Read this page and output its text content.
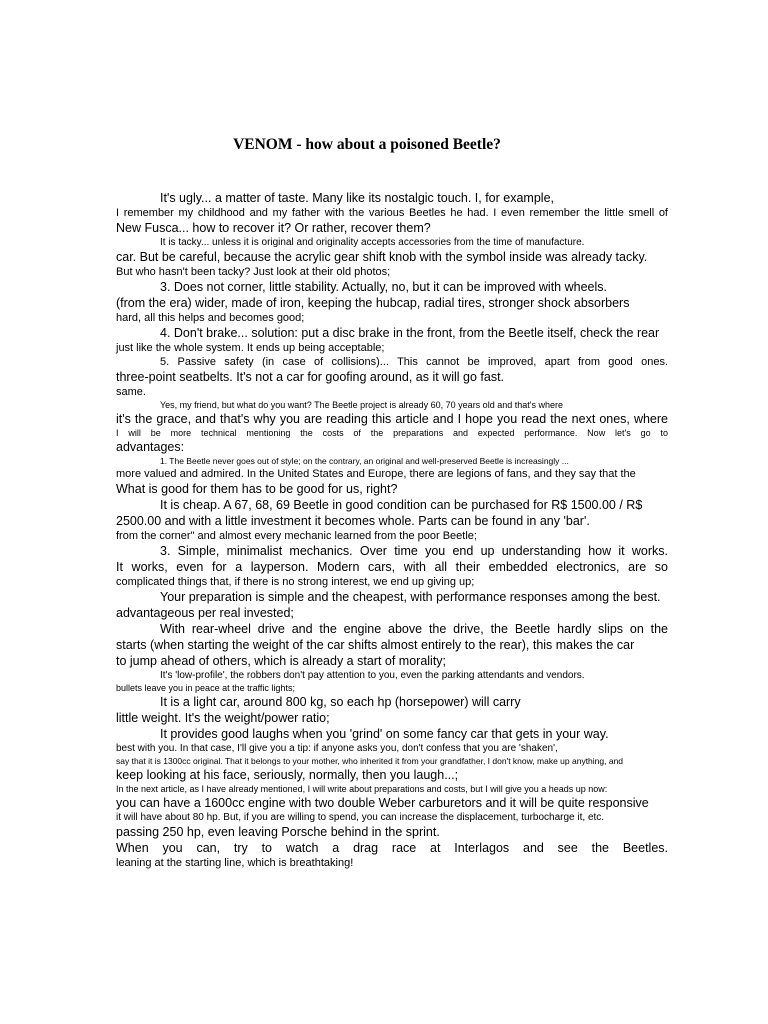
VENOM - how about a poisoned Beetle?
It's ugly... a matter of taste. Many like its nostalgic touch. I, for example,
I remember my childhood and my father with the various Beetles he had. I even remember the little smell of
New Fusca... how to recover it? Or rather, recover them?
It is tacky... unless it is original and originality accepts accessories from the time of manufacture.
car. But be careful, because the acrylic gear shift knob with the symbol inside was already tacky.
But who hasn't been tacky? Just look at their old photos;
3. Does not corner, little stability. Actually, no, but it can be improved with wheels.
(from the era) wider, made of iron, keeping the hubcap, radial tires, stronger shock absorbers
hard, all this helps and becomes good;
4. Don't brake... solution: put a disc brake in the front, from the Beetle itself, check the rear
just like the whole system. It ends up being acceptable;
5. Passive safety (in case of collisions)... This cannot be improved, apart from good ones.
three-point seatbelts. It's not a car for goofing around, as it will go fast.
same.
Yes, my friend, but what do you want? The Beetle project is already 60, 70 years old and that's where
it's the grace, and that's why you are reading this article and I hope you read the next ones, where
I will be more technical mentioning the costs of the preparations and expected performance. Now let's go to
advantages:
1. The Beetle never goes out of style; on the contrary, an original and well-preserved Beetle is increasingly ...
more valued and admired. In the United States and Europe, there are legions of fans, and they say that the
What is good for them has to be good for us, right?
It is cheap. A 67, 68, 69 Beetle in good condition can be purchased for R$ 1500.00 / R$
2500.00 and with a little investment it becomes whole. Parts can be found in any 'bar'.
from the corner" and almost every mechanic learned from the poor Beetle;
3. Simple, minimalist mechanics. Over time you end up understanding how it works.
It works, even for a layperson. Modern cars, with all their embedded electronics, are so
complicated things that, if there is no strong interest, we end up giving up;
Your preparation is simple and the cheapest, with performance responses among the best.
advantageous per real invested;
With rear-wheel drive and the engine above the drive, the Beetle hardly slips on the
starts (when starting the weight of the car shifts almost entirely to the rear), this makes the car
to jump ahead of others, which is already a start of morality;
It's 'low-profile', the robbers don't pay attention to you, even the parking attendants and vendors.
bullets leave you in peace at the traffic lights;
It is a light car, around 800 kg, so each hp (horsepower) will carry
little weight. It's the weight/power ratio;
It provides good laughs when you 'grind' on some fancy car that gets in your way.
best with you. In that case, I'll give you a tip: if anyone asks you, don't confess that you are 'shaken',
say that it is 1300cc original. That it belongs to your mother, who inherited it from your grandfather, I don't know, make up anything, and
keep looking at his face, seriously, normally, then you laugh...;
In the next article, as I have already mentioned, I will write about preparations and costs, but I will give you a heads up now:
you can have a 1600cc engine with two double Weber carburetors and it will be quite responsive
it will have about 80 hp. But, if you are willing to spend, you can increase the displacement, turbocharge it, etc.
passing 250 hp, even leaving Porsche behind in the sprint.
When you can, try to watch a drag race at Interlagos and see the Beetles.
leaning at the starting line, which is breathtaking!
